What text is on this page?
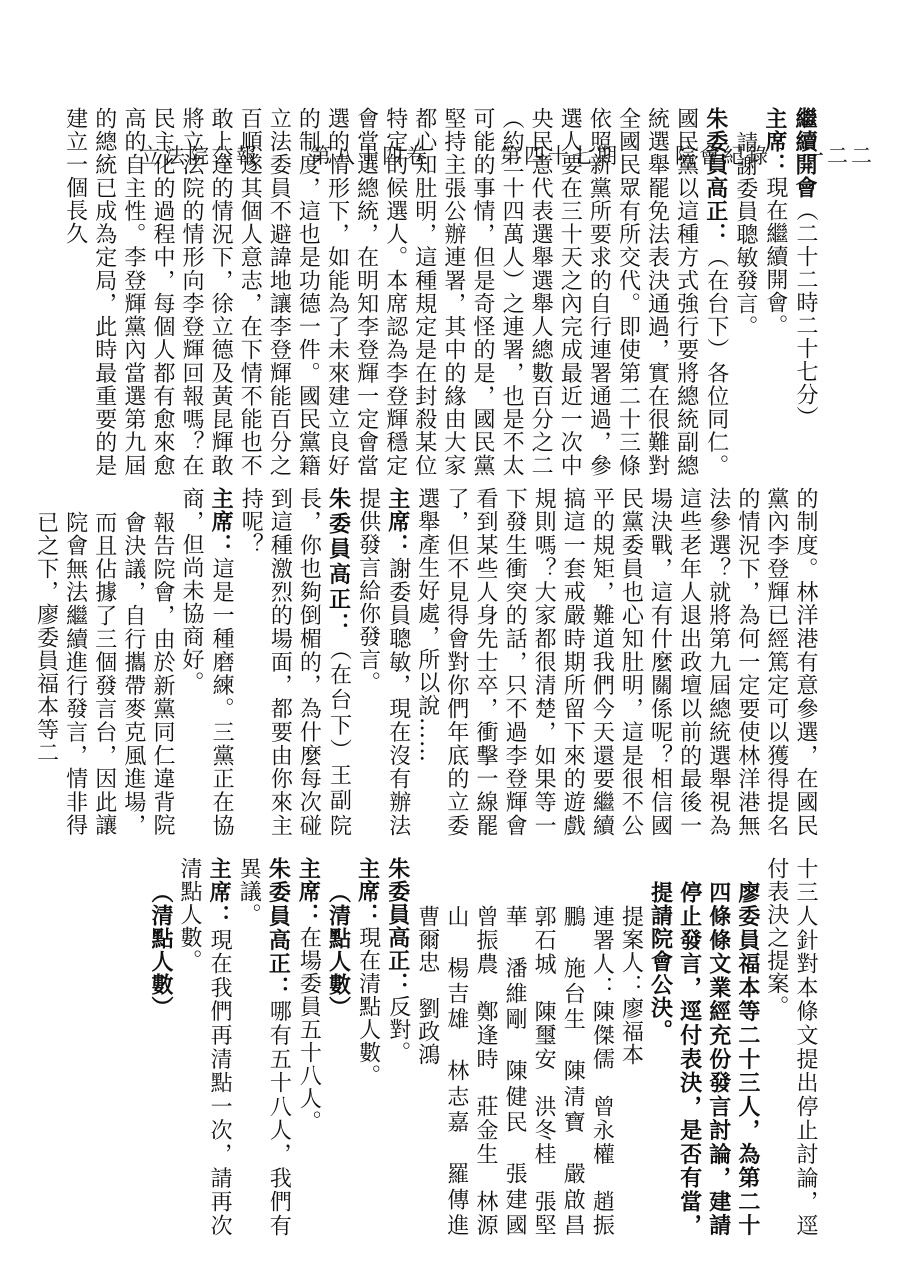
立法院公報 第八十四卷	第四十七期	院會紀錄 一二二

繼續開會（二十二時二十七分）

主席：現在繼續開會。

請謝委員聰敏發言。

朱委員高正：（在台下）各位同仁。國民黨以這種方式強行要將總統副總統選舉罷免法表決通過，實在很難對全國民眾有所交代。即使第二十三條依照新黨所要求的自行連署通過，參選人要在三十天之內完成最近一次中央民意代表選舉選舉人總數百分之二（約二十四萬人）之連署，也是不太可能的事情，但是奇怪的是，國民黨堅持主張公辦連署，其中的緣由大家都心知肚明，這種規定是在封殺某位特定的候選人。本席認為李登輝穩定會當選總統，在明知李登輝一定會當選的情形下，如能為了未來建立良好的制度，這也是功德一件。國民黨籍立法委員不避諱地讓李登輝能百分之百順遂其個人意志，在下情不能也不敢上達的情況下，徐立德及黃昆輝敢將立法院的情形向李登輝回報嗎？在民主化的過程中，每個人都有愈來愈高的自主性。李登輝黨內當選第九屆的總統已成為定局，此時最重要的是建立一個長久

的制度。林洋港有意參選，在國民黨內李登輝已經篤定可以獲得提名的情況下，為何一定要使林洋港無法參選？就將第九屆總統選舉視為這些老年人退出政壇以前的最後一場決戰，這有什麼關係呢？相信國民黨委員也心知肚明，這是很不公平的規矩，難道我們今天還要繼續搞這一套戒嚴時期所留下來的遊戲規則嗎？大家都很清楚，如果等一下發生衝突的話，只不過李登輝會看到某些人身先士卒，衝擊一線罷了，但不見得會對你們年底的立委選舉產生好處，所以說……

主席：謝委員聰敏，現在沒有辦法提供發言給你發言。

朱委員高正：（在台下）王副院長，你也夠倒楣的，為什麼每次碰到這種激烈的場面，都要由你來主持呢？

主席：這是一種磨練。三黨正在協商，但尚未協商好。

報告院會，由於新黨同仁違背院會決議，自行攜帶麥克風進場，而且佔據了三個發言台，因此讓院會無法繼續進行發言，情非得已之下，廖委員福本等二

十三人針對本條文提出停止討論，逕付表決之提案。

廖委員福本等二十三人，為第二十四條條文業經充份發言討論，建請停止發言，逕付表決，是否有當，提請院會公決。

提案人：廖福本　

連署人：陳傑儒　曾永權　趙振鵬　施台生　陳清寶　嚴啟昌　郭石城　陳璽安　洪冬桂　張堅華　潘維剛　陳健民　張建國　曾振農　鄭逢時　莊金生　林源山　楊吉雄　林志嘉　羅傳進　曹爾忠　劉政鴻　

朱委員高正：反對。

主席：現在清點人數。

（清點人數）

主席：在場委員五十八人。

朱委員高正：哪有五十八人，我們有異議。

主席：現在我們再清點一次，請再次清點人數。

（清點人數）
